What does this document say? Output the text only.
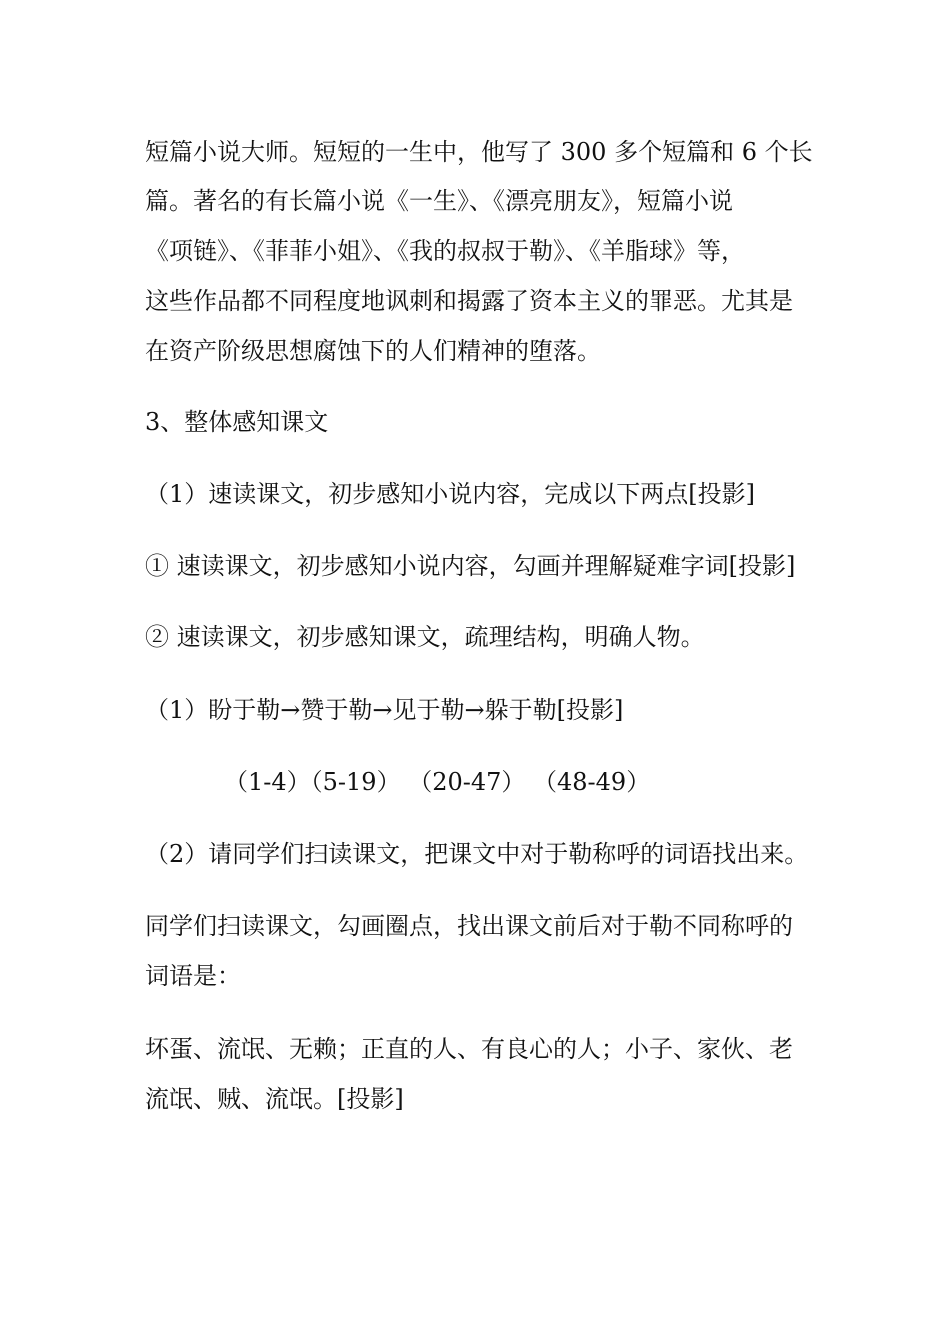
短篇小说大师。短短的一生中，他写了 300 多个短篇和 6 个长
篇。著名的有长篇小说《一生》、《漂亮朋友》，短篇小说
《项链》、《菲菲小姐》、《我的叔叔于勒》、《羊脂球》等，
这些作品都不同程度地讽刺和揭露了资本主义的罪恶。尤其是
在资产阶级思想腐蚀下的人们精神的堕落。
3、整体感知课文
（1）速读课文，初步感知小说内容，完成以下两点[投影]
① 速读课文，初步感知小说内容，勾画并理解疑难字词[投影]
② 速读课文，初步感知课文，疏理结构，明确人物。
（1）盼于勒→赞于勒→见于勒→躲于勒[投影]
（1-4）（5-19） （20-47） （48-49）
（2）请同学们扫读课文，把课文中对于勒称呼的词语找出来。
同学们扫读课文，勾画圈点，找出课文前后对于勒不同称呼的
词语是：
坏蛋、流氓、无赖；正直的人、有良心的人；小子、家伙、老
流氓、贼、流氓。[投影]
